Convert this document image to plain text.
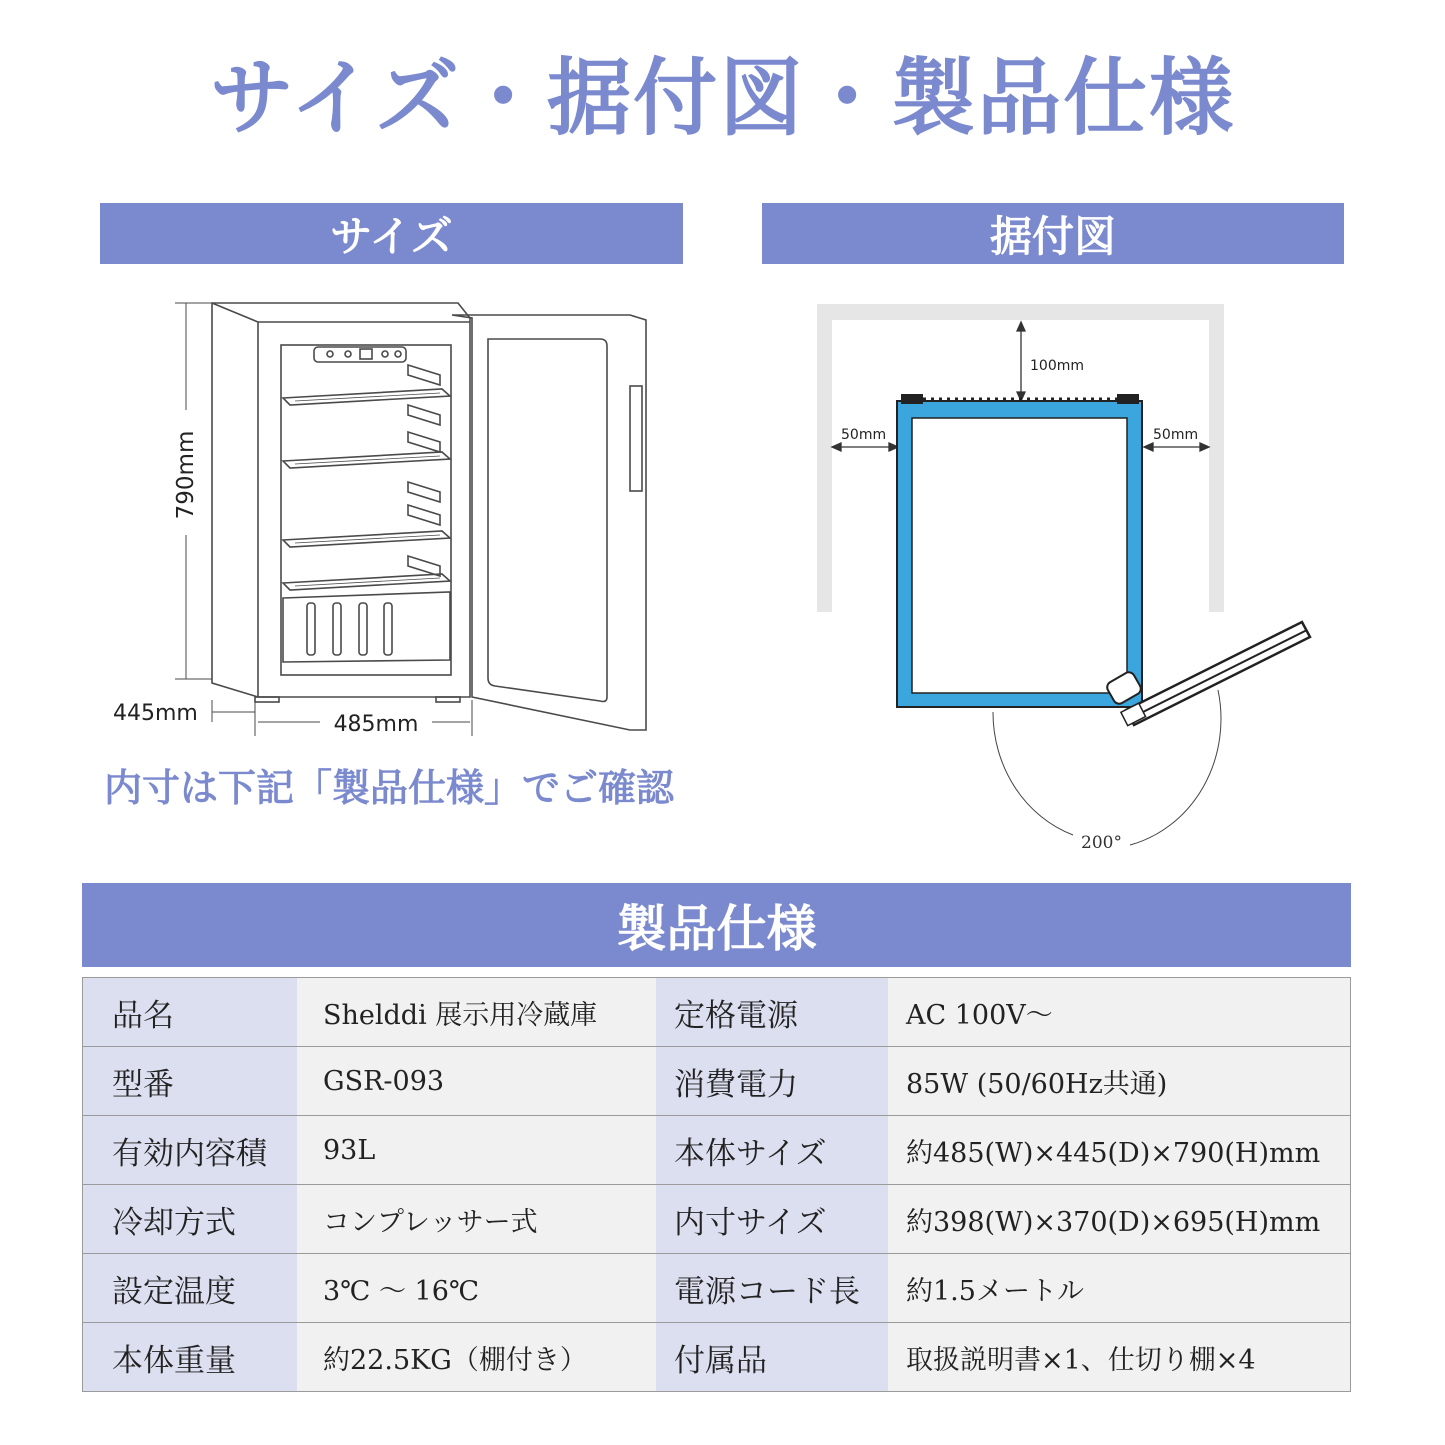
サイズ・据付図・製品仕様
サイズ	据付図
790mm
445mm	485mm
100mm
50mm	50mm
200°
内寸は下記「製品仕様」でご確認
製品仕様
品名	Shelddi 展示用冷蔵庫	定格電源	AC 100V～
型番	GSR-093	消費電力	85W (50/60Hz共通)
有効内容積	93L	本体サイズ	約485(W)×445(D)×790(H)mm
冷却方式	コンプレッサー式	内寸サイズ	約398(W)×370(D)×695(H)mm
設定温度	3℃ ～ 16℃	電源コード長	約1.5メートル
本体重量	約22.5KG（棚付き）	付属品	取扱説明書×1、仕切り棚×4
